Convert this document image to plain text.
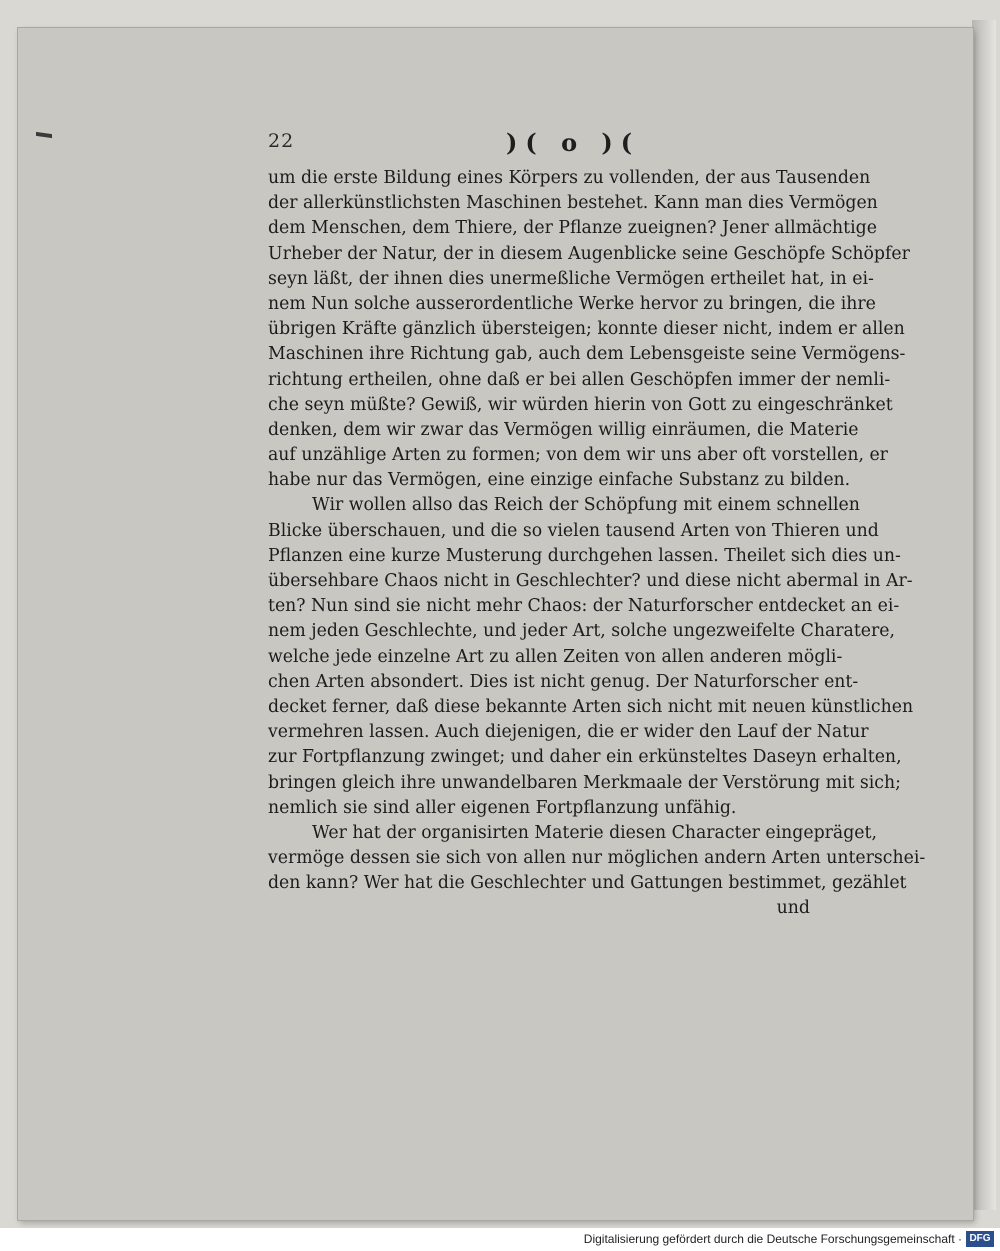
22	)( o )(
um die erste Bildung eines Körpers zu vollenden, der aus Tausenden
der allerkünstlichsten Maschinen bestehet. Kann man dies Vermögen
dem Menschen, dem Thiere, der Pflanze zueignen? Jener allmächtige
Urheber der Natur, der in diesem Augenblicke seine Geschöpfe Schöpfer
seyn läßt, der ihnen dies unermeßliche Vermögen ertheilet hat, in ei-
nem Nun solche ausserordentliche Werke hervor zu bringen, die ihre
übrigen Kräfte gänzlich übersteigen; konnte dieser nicht, indem er allen
Maschinen ihre Richtung gab, auch dem Lebensgeiste seine Vermögens-
richtung ertheilen, ohne daß er bei allen Geschöpfen immer der nemli-
che seyn müßte? Gewiß, wir würden hierin von Gott zu eingeschränket
denken, dem wir zwar das Vermögen willig einräumen, die Materie
auf unzählige Arten zu formen; von dem wir uns aber oft vorstellen, er
habe nur das Vermögen, eine einzige einfache Substanz zu bilden.
Wir wollen allso das Reich der Schöpfung mit einem schnellen
Blicke überschauen, und die so vielen tausend Arten von Thieren und
Pflanzen eine kurze Musterung durchgehen lassen. Theilet sich dies un-
übersehbare Chaos nicht in Geschlechter? und diese nicht abermal in Ar-
ten? Nun sind sie nicht mehr Chaos: der Naturforscher entdecket an ei-
nem jeden Geschlechte, und jeder Art, solche ungezweifelte Charatere,
welche jede einzelne Art zu allen Zeiten von allen anderen mögli-
chen Arten absondert. Dies ist nicht genug. Der Naturforscher ent-
decket ferner, daß diese bekannte Arten sich nicht mit neuen künstlichen
vermehren lassen. Auch diejenigen, die er wider den Lauf der Natur
zur Fortpflanzung zwinget; und daher ein erkünsteltes Daseyn erhalten,
bringen gleich ihre unwandelbaren Merkmaale der Verstörung mit sich;
nemlich sie sind aller eigenen Fortpflanzung unfähig.
Wer hat der organisirten Materie diesen Character eingepräget,
vermöge dessen sie sich von allen nur möglichen andern Arten unterschei-
den kann? Wer hat die Geschlechter und Gattungen bestimmet, gezählet
und
Digitalisierung gefördert durch die Deutsche Forschungsgemeinschaft · DFG
